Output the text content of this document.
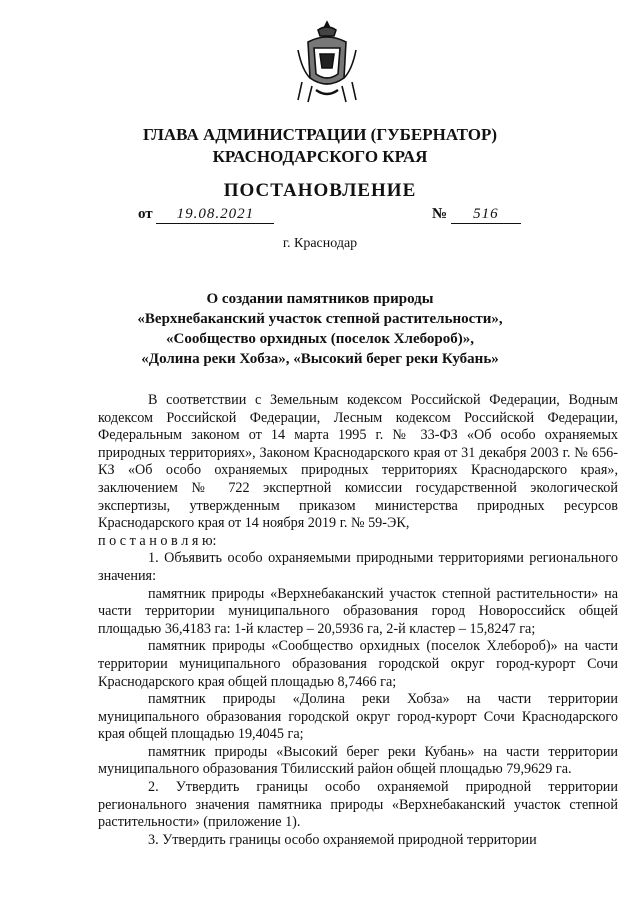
ГЛАВА АДМИНИСТРАЦИИ (ГУБЕРНАТОР)
КРАСНОДАРСКОГО КРАЯ
ПОСТАНОВЛЕНИЕ
от 19.08.2021	№ 516
г. Краснодар
О создании памятников природы
«Верхнебаканский участок степной растительности»,
«Сообщество орхидных (поселок Хлебороб)»,
«Долина реки Хобза», «Высокий берег реки Кубань»

В соответствии с Земельным кодексом Российской Федерации, Водным кодексом Российской Федерации, Лесным кодексом Российской Федерации, Федеральным законом от 14 марта 1995 г. № 33-ФЗ «Об особо охраняемых природных территориях», Законом Краснодарского края от 31 декабря 2003 г. № 656-КЗ «Об особо охраняемых природных территориях Краснодарского края», заключением № 722 экспертной комиссии государственной экологической экспертизы, утвержденным приказом министерства природных ресурсов Краснодарского края от 14 ноября 2019 г. № 59-ЭК,

п о с т а н о в л я ю:

1. Объявить особо охраняемыми природными территориями регионального значения:

памятник природы «Верхнебаканский участок степной растительности» на части территории муниципального образования город Новороссийск общей площадью 36,4183 га: 1-й кластер – 20,5936 га, 2-й кластер – 15,8247 га;

памятник природы «Сообщество орхидных (поселок Хлебороб)» на части территории муниципального образования городской округ город-курорт Сочи Краснодарского края общей площадью 8,7466 га;

памятник природы «Долина реки Хобза» на части территории муниципального образования городской округ город-курорт Сочи Краснодарского края общей площадью 19,4045 га;

памятник природы «Высокий берег реки Кубань» на части территории муниципального образования Тбилисский район общей площадью 79,9629 га.

2. Утвердить границы особо охраняемой природной территории регионального значения памятника природы «Верхнебаканский участок степной растительности» (приложение 1).

3. Утвердить границы особо охраняемой природной территории
